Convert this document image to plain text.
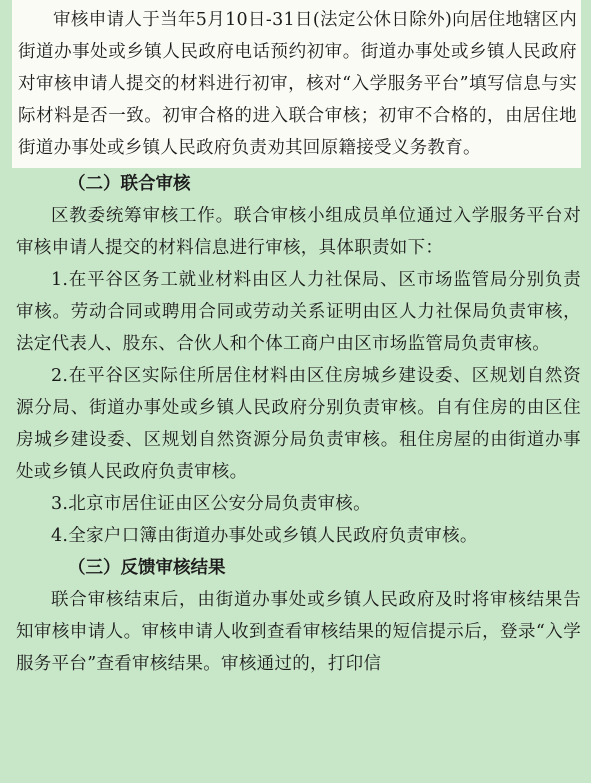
审核申请人于当年5月10日-31日(法定公休日除外)向居住地辖区内街道办事处或乡镇人民政府电话预约初审。街道办事处或乡镇人民政府对审核申请人提交的材料进行初审，核对“入学服务平台”填写信息与实际材料是否一致。初审合格的进入联合审核；初审不合格的，由居住地街道办事处或乡镇人民政府负责劝其回原籍接受义务教育。

（二）联合审核

区教委统筹审核工作。联合审核小组成员单位通过入学服务平台对审核申请人提交的材料信息进行审核，具体职责如下：

1.在平谷区务工就业材料由区人力社保局、区市场监管局分别负责审核。劳动合同或聘用合同或劳动关系证明由区人力社保局负责审核，法定代表人、股东、合伙人和个体工商户由区市场监管局负责审核。

2.在平谷区实际住所居住材料由区住房城乡建设委、区规划自然资源分局、街道办事处或乡镇人民政府分别负责审核。自有住房的由区住房城乡建设委、区规划自然资源分局负责审核。租住房屋的由街道办事处或乡镇人民政府负责审核。

3.北京市居住证由区公安分局负责审核。

4.全家户口簿由街道办事处或乡镇人民政府负责审核。

（三）反馈审核结果

联合审核结束后，由街道办事处或乡镇人民政府及时将审核结果告知审核申请人。审核申请人收到查看审核结果的短信提示后，登录“入学服务平台”查看审核结果。审核通过的，打印信
